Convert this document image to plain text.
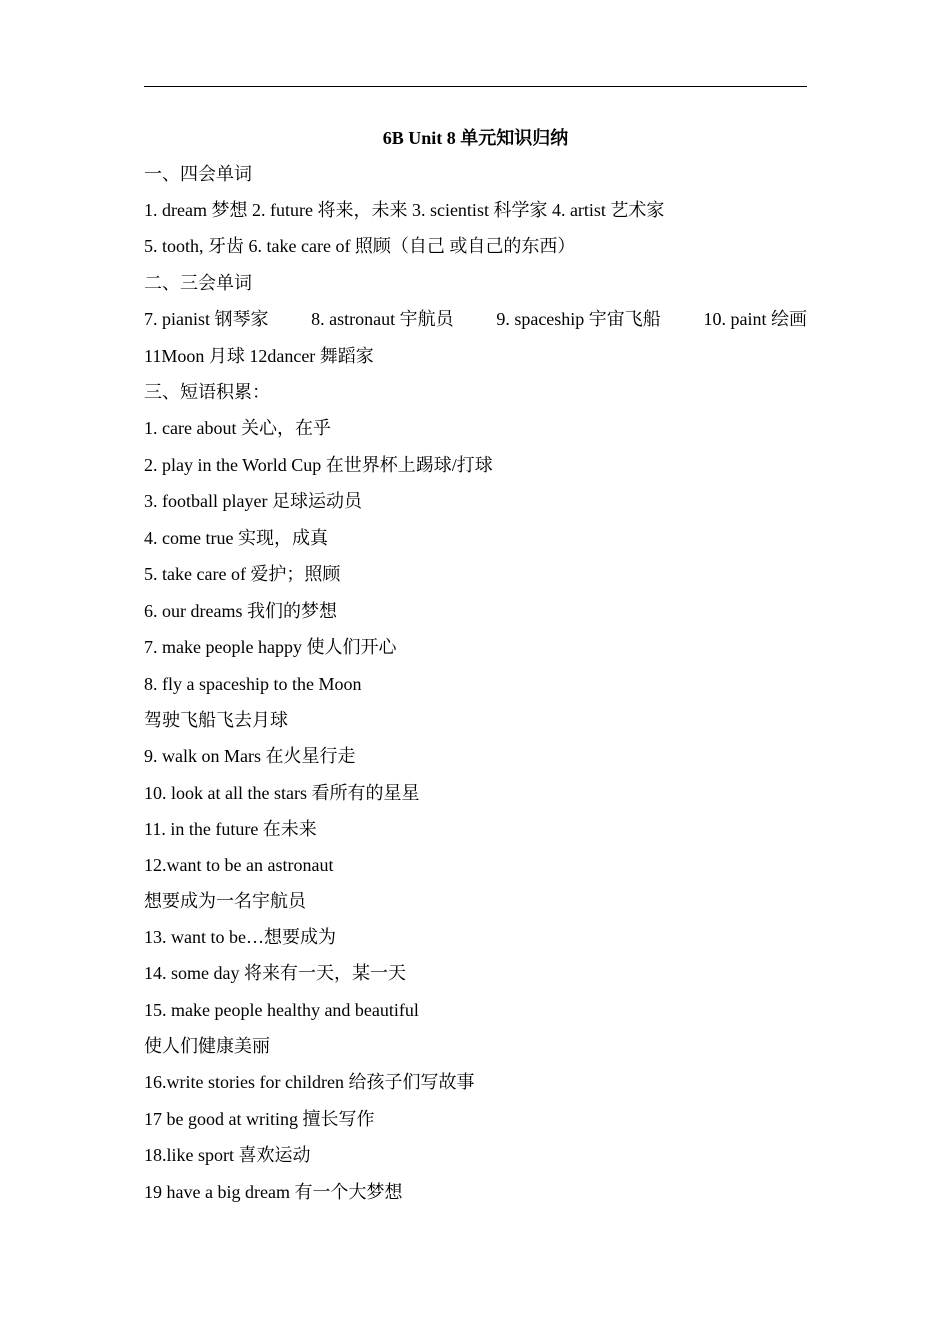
6B Unit 8 单元知识归纳
一、四会单词
1. dream 梦想 2. future 将来，未来 3. scientist 科学家 4. artist 艺术家
5. tooth, 牙齿 6. take care of 照顾（自己 或自己的东西）
二、三会单词
7. pianist 钢琴家 8. astronaut 宇航员 9. spaceship 宇宙飞船 10. paint 绘画
11Moon 月球 12dancer 舞蹈家
三、短语积累：
1. care about 关心，在乎
2. play in the World Cup 在世界杯上踢球/打球
3. football player 足球运动员
4. come true 实现，成真
5. take care of 爱护；照顾
6. our dreams 我们的梦想
7. make people happy 使人们开心
8. fly a spaceship to the Moon
驾驶飞船飞去月球
9. walk on Mars 在火星行走
10. look at all the stars 看所有的星星
11. in the future 在未来
12.want to be an astronaut
想要成为一名宇航员
13. want to be…想要成为
14. some day 将来有一天，某一天
15. make people healthy and beautiful
使人们健康美丽
16.write stories for children 给孩子们写故事
17 be good at writing 擅长写作
18.like sport 喜欢运动
19 have a big dream 有一个大梦想
